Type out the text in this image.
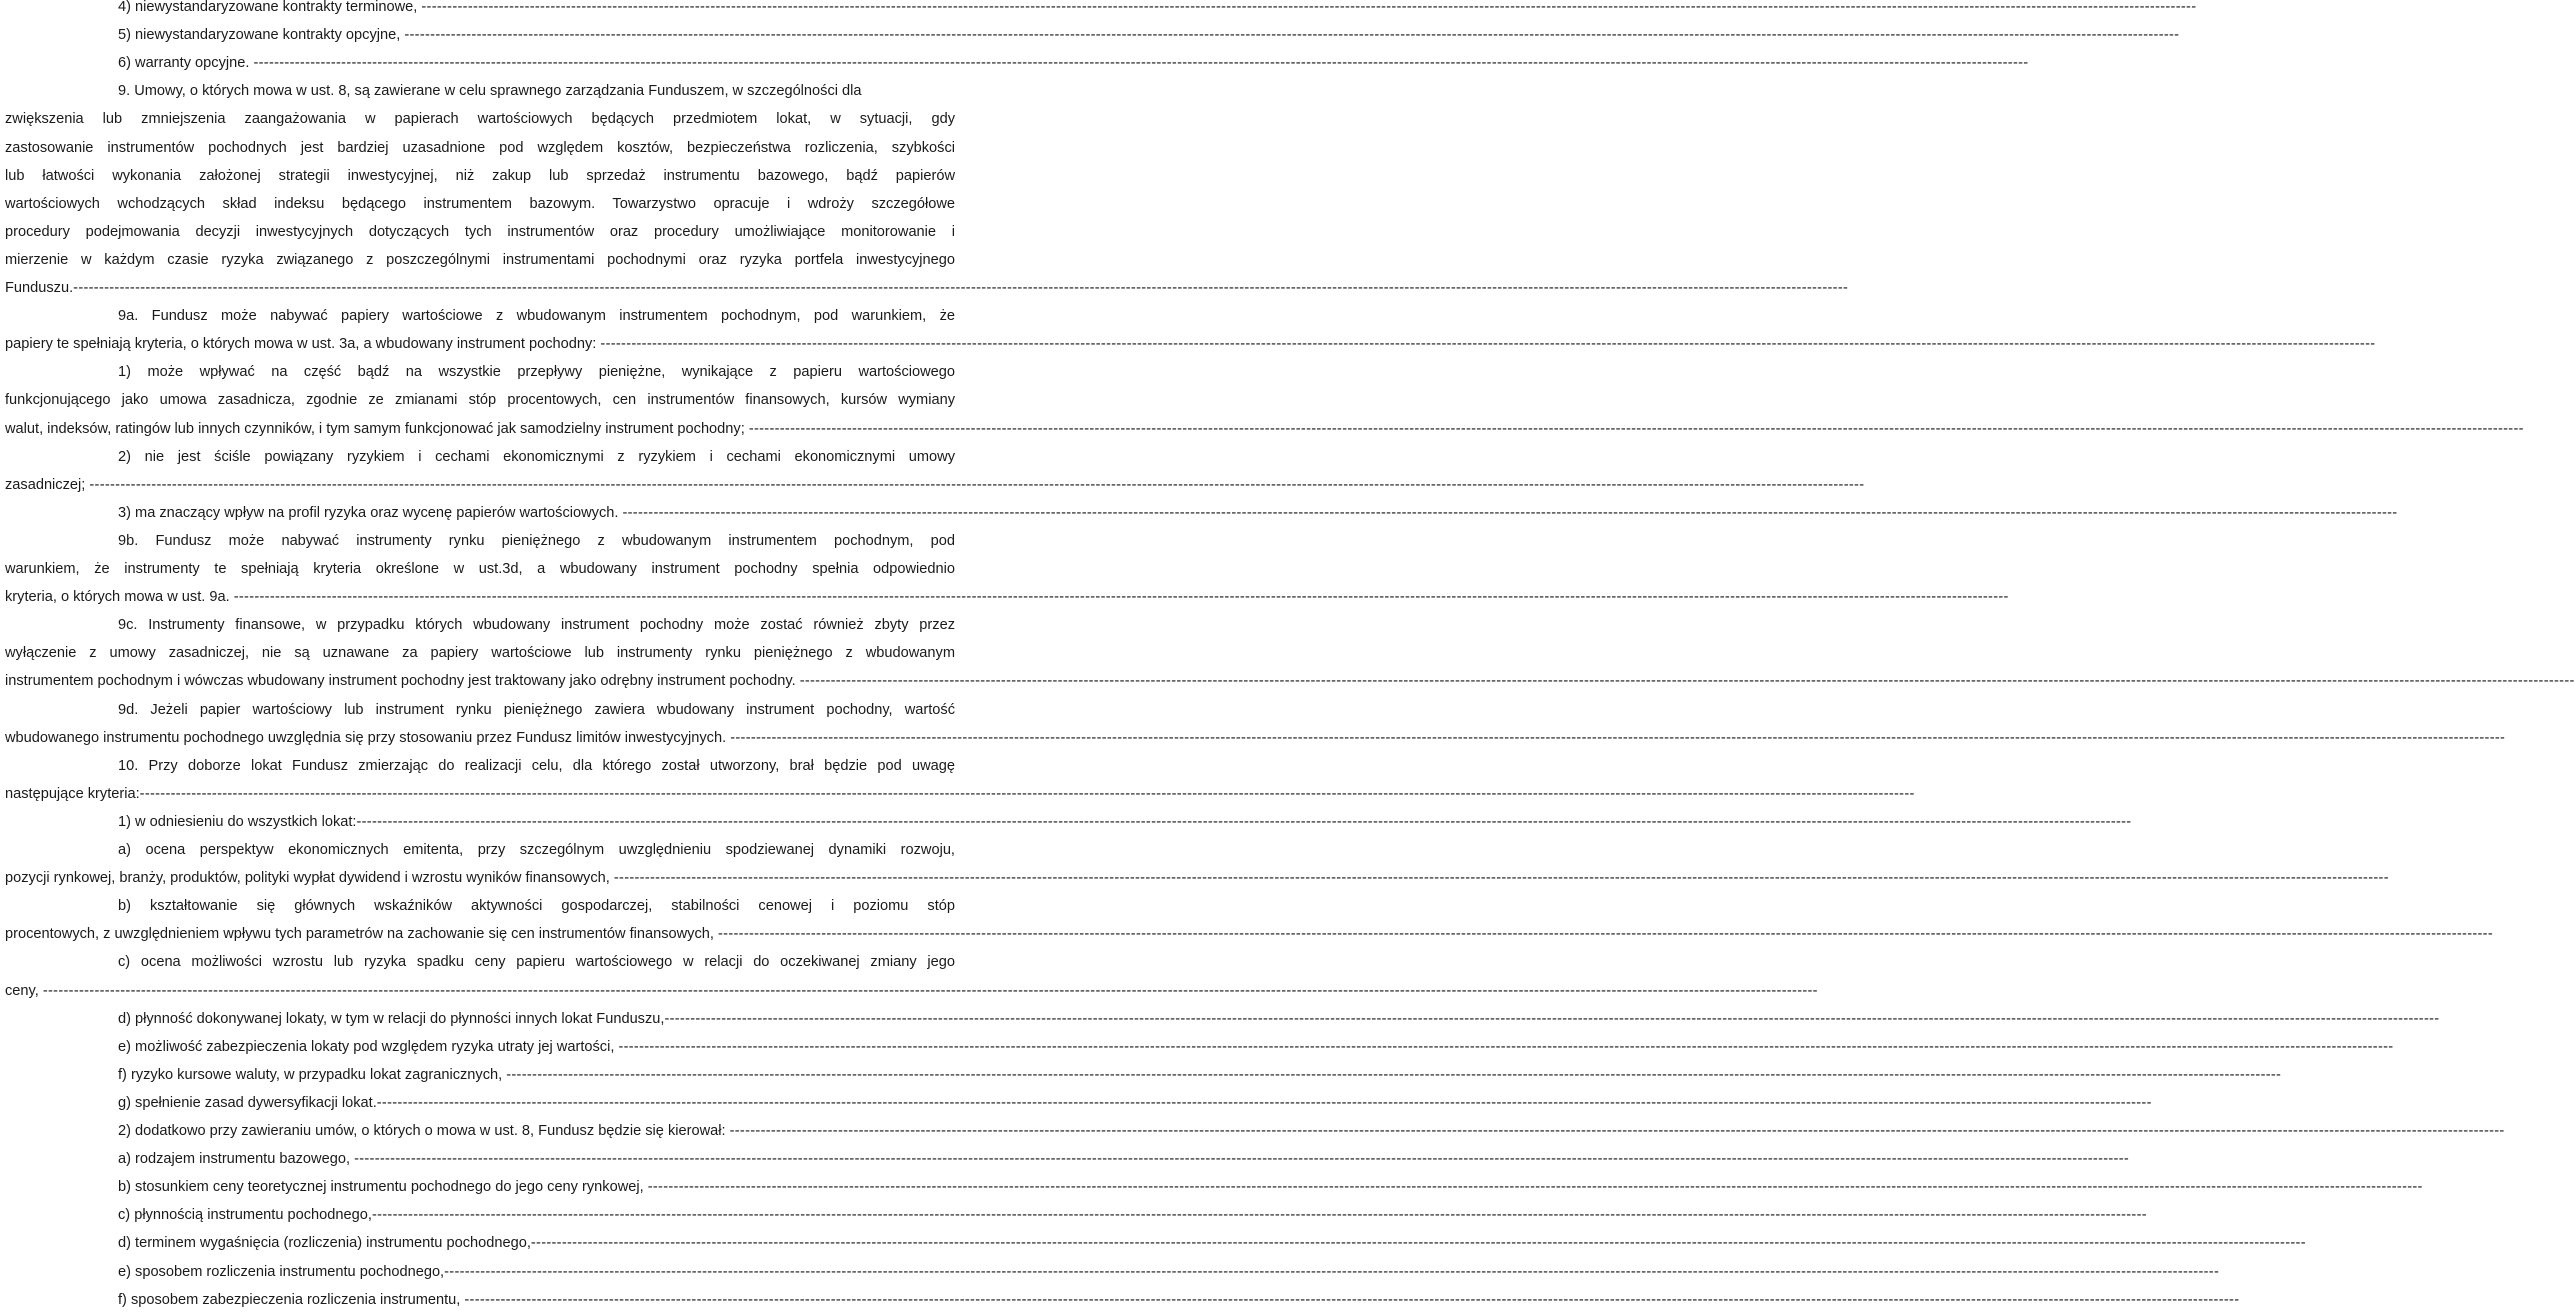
4) niewystandaryzowane kontrakty terminowe, --------------------------------------------------------------------------------------------------------------------------------------------------------------------------------------------------------------------------------------------------------------------------------------------------------------------------------------------------------
5) niewystandaryzowane kontrakty opcyjne, --------------------------------------------------------------------------------------------------------------------------------------------------------------------------------------------------------------------------------------------------------------------------------------------------------------------------------------------------------
6) warranty opcyjne. --------------------------------------------------------------------------------------------------------------------------------------------------------------------------------------------------------------------------------------------------------------------------------------------------------------------------------------------------------
9. Umowy, o których mowa w ust. 8, są zawierane w celu sprawnego zarządzania Funduszem, w szczególności dla
zwiększenia lub zmniejszenia zaangażowania w papierach wartościowych będących przedmiotem lokat, w sytuacji, gdy
zastosowanie instrumentów pochodnych jest bardziej uzasadnione pod względem kosztów, bezpieczeństwa rozliczenia, szybkości
lub łatwości wykonania założonej strategii inwestycyjnej, niż zakup lub sprzedaż instrumentu bazowego, bądź papierów
wartościowych wchodzących skład indeksu będącego instrumentem bazowym. Towarzystwo opracuje i wdroży szczegółowe
procedury podejmowania decyzji inwestycyjnych dotyczących tych instrumentów oraz procedury umożliwiające monitorowanie i
mierzenie w każdym czasie ryzyka związanego z poszczególnymi instrumentami pochodnymi oraz ryzyka portfela inwestycyjnego
Funduszu. --------------------------------------------------------------------------------------------------------------------------------------------------------------------------------------------------------------------------------------------------------------------------------------------------------------------------------------------------------
9a. Fundusz może nabywać papiery wartościowe z wbudowanym instrumentem pochodnym, pod warunkiem, że
papiery te spełniają kryteria, o których mowa w ust. 3a, a wbudowany instrument pochodny: --------------------------------------------------------------------------------------------------------------------------------------------------------------------------------------------------------------------------------------------------------------------------------------------------------------------------------------------------------
1) może wpływać na część bądź na wszystkie przepływy pieniężne, wynikające z papieru wartościowego
funkcjonującego jako umowa zasadnicza, zgodnie ze zmianami stóp procentowych, cen instrumentów finansowych, kursów wymiany
walut, indeksów, ratingów lub innych czynników, i tym samym funkcjonować jak samodzielny instrument pochodny; --------------------------------------------------------------------------------------------------------------------------------------------------------------------------------------------------------------------------------------------------------------------------------------------------------------------------------------------------------
2) nie jest ściśle powiązany ryzykiem i cechami ekonomicznymi z ryzykiem i cechami ekonomicznymi umowy
zasadniczej; --------------------------------------------------------------------------------------------------------------------------------------------------------------------------------------------------------------------------------------------------------------------------------------------------------------------------------------------------------
3) ma znaczący wpływ na profil ryzyka oraz wycenę papierów wartościowych. --------------------------------------------------------------------------------------------------------------------------------------------------------------------------------------------------------------------------------------------------------------------------------------------------------------------------------------------------------
9b. Fundusz może nabywać instrumenty rynku pieniężnego z wbudowanym instrumentem pochodnym, pod
warunkiem, że instrumenty te spełniają kryteria określone w ust.3d, a wbudowany instrument pochodny spełnia odpowiednio
kryteria, o których mowa w ust. 9a. --------------------------------------------------------------------------------------------------------------------------------------------------------------------------------------------------------------------------------------------------------------------------------------------------------------------------------------------------------
9c. Instrumenty finansowe, w przypadku których wbudowany instrument pochodny może zostać również zbyty przez
wyłączenie z umowy zasadniczej, nie są uznawane za papiery wartościowe lub instrumenty rynku pieniężnego z wbudowanym
instrumentem pochodnym i wówczas wbudowany instrument pochodny jest traktowany jako odrębny instrument pochodny. --------------------------------------------------------------------------------------------------------------------------------------------------------------------------------------------------------------------------------------------------------------------------------------------------------------------------------------------------------
9d. Jeżeli papier wartościowy lub instrument rynku pieniężnego zawiera wbudowany instrument pochodny, wartość
wbudowanego instrumentu pochodnego uwzględnia się przy stosowaniu przez Fundusz limitów inwestycyjnych. --------------------------------------------------------------------------------------------------------------------------------------------------------------------------------------------------------------------------------------------------------------------------------------------------------------------------------------------------------
10. Przy doborze lokat Fundusz zmierzając do realizacji celu, dla którego został utworzony, brał będzie pod uwagę
następujące kryteria: --------------------------------------------------------------------------------------------------------------------------------------------------------------------------------------------------------------------------------------------------------------------------------------------------------------------------------------------------------
1) w odniesieniu do wszystkich lokat: --------------------------------------------------------------------------------------------------------------------------------------------------------------------------------------------------------------------------------------------------------------------------------------------------------------------------------------------------------
a) ocena perspektyw ekonomicznych emitenta, przy szczególnym uwzględnieniu spodziewanej dynamiki rozwoju,
pozycji rynkowej, branży, produktów, polityki wypłat dywidend i wzrostu wyników finansowych, --------------------------------------------------------------------------------------------------------------------------------------------------------------------------------------------------------------------------------------------------------------------------------------------------------------------------------------------------------
b) kształtowanie się głównych wskaźników aktywności gospodarczej, stabilności cenowej i poziomu stóp
procentowych, z uwzględnieniem wpływu tych parametrów na zachowanie się cen instrumentów finansowych, --------------------------------------------------------------------------------------------------------------------------------------------------------------------------------------------------------------------------------------------------------------------------------------------------------------------------------------------------------
c) ocena możliwości wzrostu lub ryzyka spadku ceny papieru wartościowego w relacji do oczekiwanej zmiany jego
ceny, --------------------------------------------------------------------------------------------------------------------------------------------------------------------------------------------------------------------------------------------------------------------------------------------------------------------------------------------------------
d) płynność dokonywanej lokaty, w tym w relacji do płynności innych lokat Funduszu, --------------------------------------------------------------------------------------------------------------------------------------------------------------------------------------------------------------------------------------------------------------------------------------------------------------------------------------------------------
e) możliwość zabezpieczenia lokaty pod względem ryzyka utraty jej wartości, --------------------------------------------------------------------------------------------------------------------------------------------------------------------------------------------------------------------------------------------------------------------------------------------------------------------------------------------------------
f) ryzyko kursowe waluty, w przypadku lokat zagranicznych, --------------------------------------------------------------------------------------------------------------------------------------------------------------------------------------------------------------------------------------------------------------------------------------------------------------------------------------------------------
g) spełnienie zasad dywersyfikacji lokat. --------------------------------------------------------------------------------------------------------------------------------------------------------------------------------------------------------------------------------------------------------------------------------------------------------------------------------------------------------
2) dodatkowo przy zawieraniu umów, o których o mowa w ust. 8, Fundusz będzie się kierował: --------------------------------------------------------------------------------------------------------------------------------------------------------------------------------------------------------------------------------------------------------------------------------------------------------------------------------------------------------
a) rodzajem instrumentu bazowego, --------------------------------------------------------------------------------------------------------------------------------------------------------------------------------------------------------------------------------------------------------------------------------------------------------------------------------------------------------
b) stosunkiem ceny teoretycznej instrumentu pochodnego do jego ceny rynkowej, --------------------------------------------------------------------------------------------------------------------------------------------------------------------------------------------------------------------------------------------------------------------------------------------------------------------------------------------------------
c) płynnością instrumentu pochodnego, --------------------------------------------------------------------------------------------------------------------------------------------------------------------------------------------------------------------------------------------------------------------------------------------------------------------------------------------------------
d) terminem wygaśnięcia (rozliczenia) instrumentu pochodnego, --------------------------------------------------------------------------------------------------------------------------------------------------------------------------------------------------------------------------------------------------------------------------------------------------------------------------------------------------------
e) sposobem rozliczenia instrumentu pochodnego, --------------------------------------------------------------------------------------------------------------------------------------------------------------------------------------------------------------------------------------------------------------------------------------------------------------------------------------------------------
f) sposobem zabezpieczenia rozliczenia instrumentu, --------------------------------------------------------------------------------------------------------------------------------------------------------------------------------------------------------------------------------------------------------------------------------------------------------------------------------------------------------
